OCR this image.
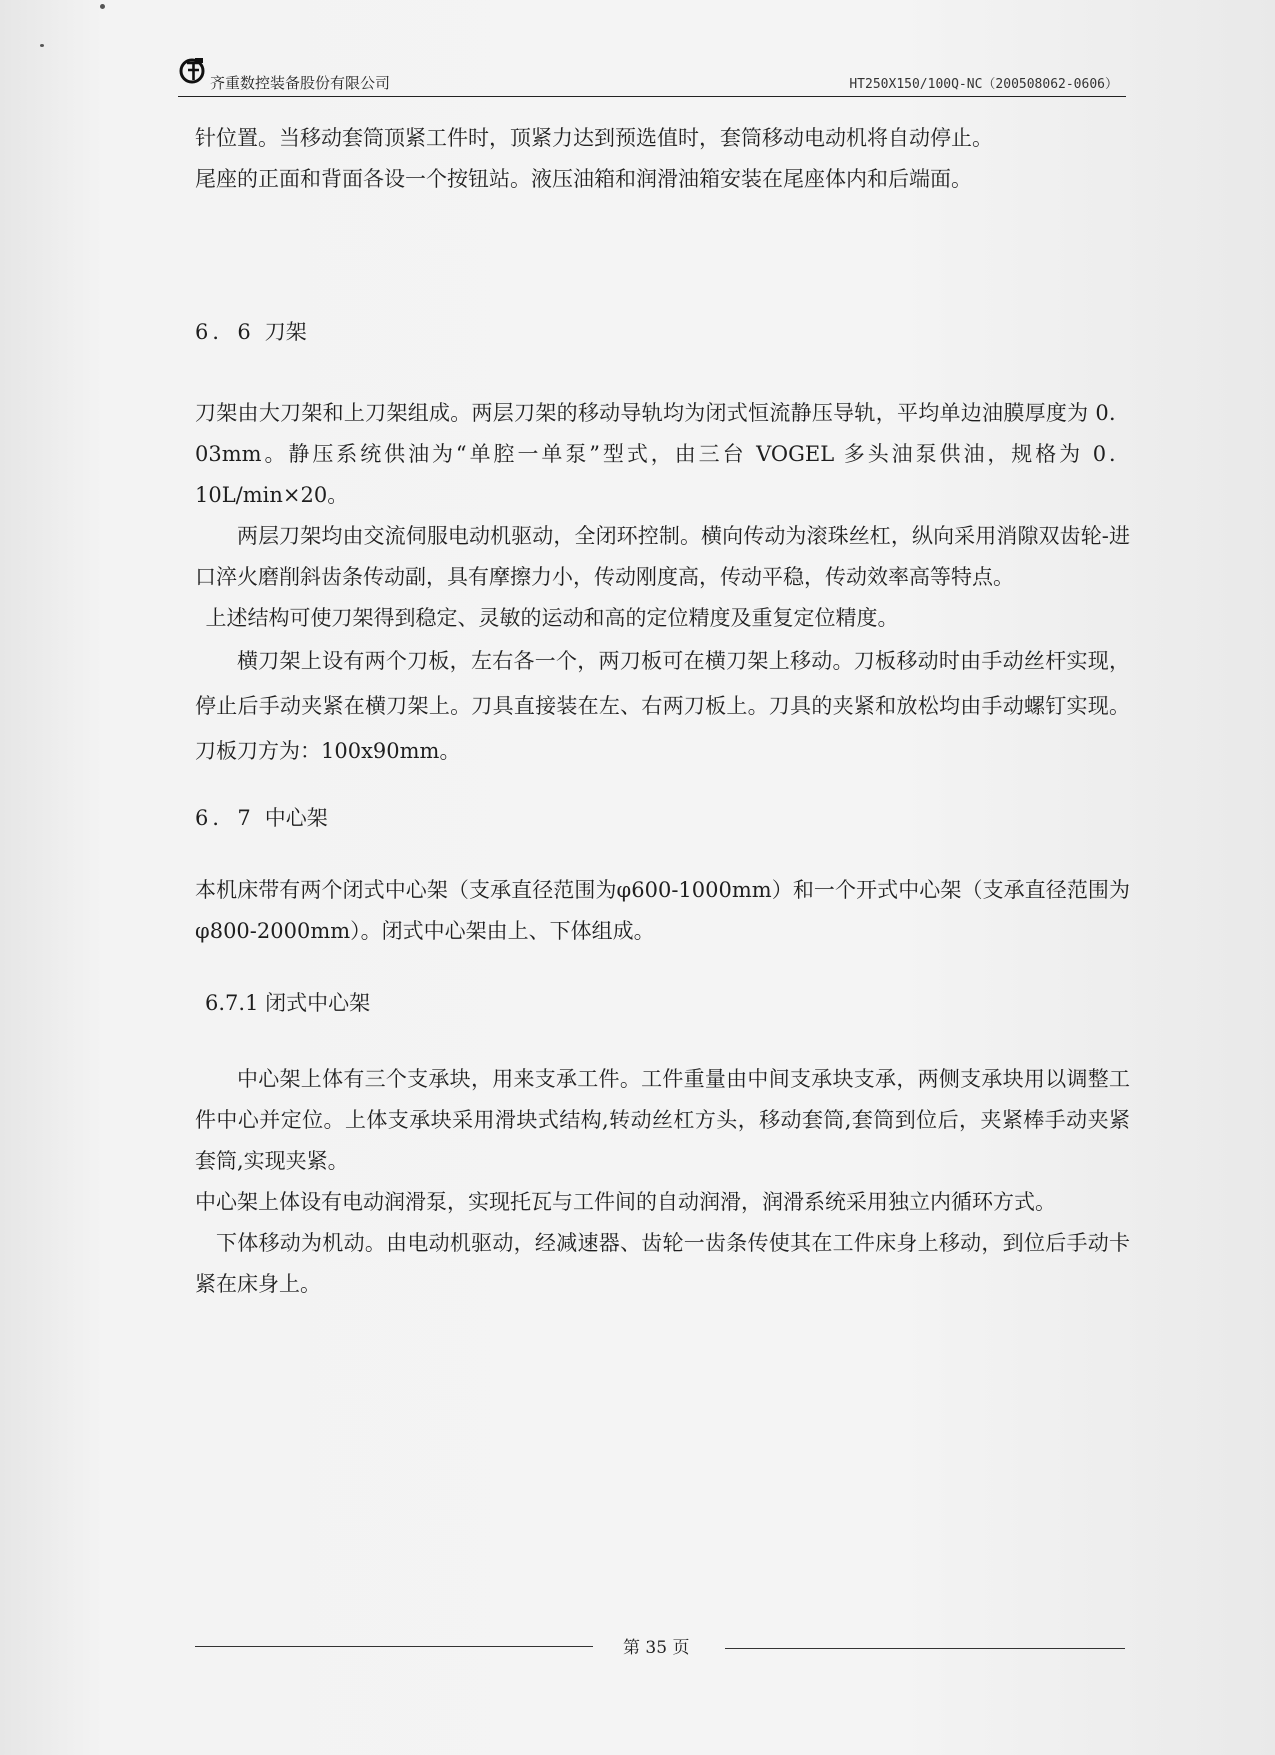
齐重数控装备股份有限公司	HT250X150/100Q-NC（200508062-0606）

针位置。当移动套筒顶紧工件时，顶紧力达到预选值时，套筒移动电动机将自动停止。

尾座的正面和背面各设一个按钮站。液压油箱和润滑油箱安装在尾座体内和后端面。

6．6 刀架

刀架由大刀架和上刀架组成。两层刀架的移动导轨均为闭式恒流静压导轨，平均单边油膜厚度为 0．03mm。静压系统供油为“单腔一单泵”型式，由三台 VOGEL 多头油泵供油，规格为 0．10L/min×20。

两层刀架均由交流伺服电动机驱动，全闭环控制。横向传动为滚珠丝杠，纵向采用消隙双齿轮-进口淬火磨削斜齿条传动副，具有摩擦力小，传动刚度高，传动平稳，传动效率高等特点。

上述结构可使刀架得到稳定、灵敏的运动和高的定位精度及重复定位精度。

横刀架上设有两个刀板，左右各一个，两刀板可在横刀架上移动。刀板移动时由手动丝杆实现，停止后手动夹紧在横刀架上。刀具直接装在左、右两刀板上。刀具的夹紧和放松均由手动螺钉实现。刀板刀方为：100x90mm。

6．7 中心架

本机床带有两个闭式中心架（支承直径范围为φ600-1000mm）和一个开式中心架（支承直径范围为φ800-2000mm）。闭式中心架由上、下体组成。

6.7.1 闭式中心架

中心架上体有三个支承块，用来支承工件。工件重量由中间支承块支承，两侧支承块用以调整工件中心并定位。上体支承块采用滑块式结构,转动丝杠方头，移动套筒,套筒到位后，夹紧棒手动夹紧套筒,实现夹紧。

中心架上体设有电动润滑泵，实现托瓦与工件间的自动润滑，润滑系统采用独立内循环方式。

下体移动为机动。由电动机驱动，经减速器、齿轮一齿条传使其在工件床身上移动，到位后手动卡紧在床身上。

第 35 页
